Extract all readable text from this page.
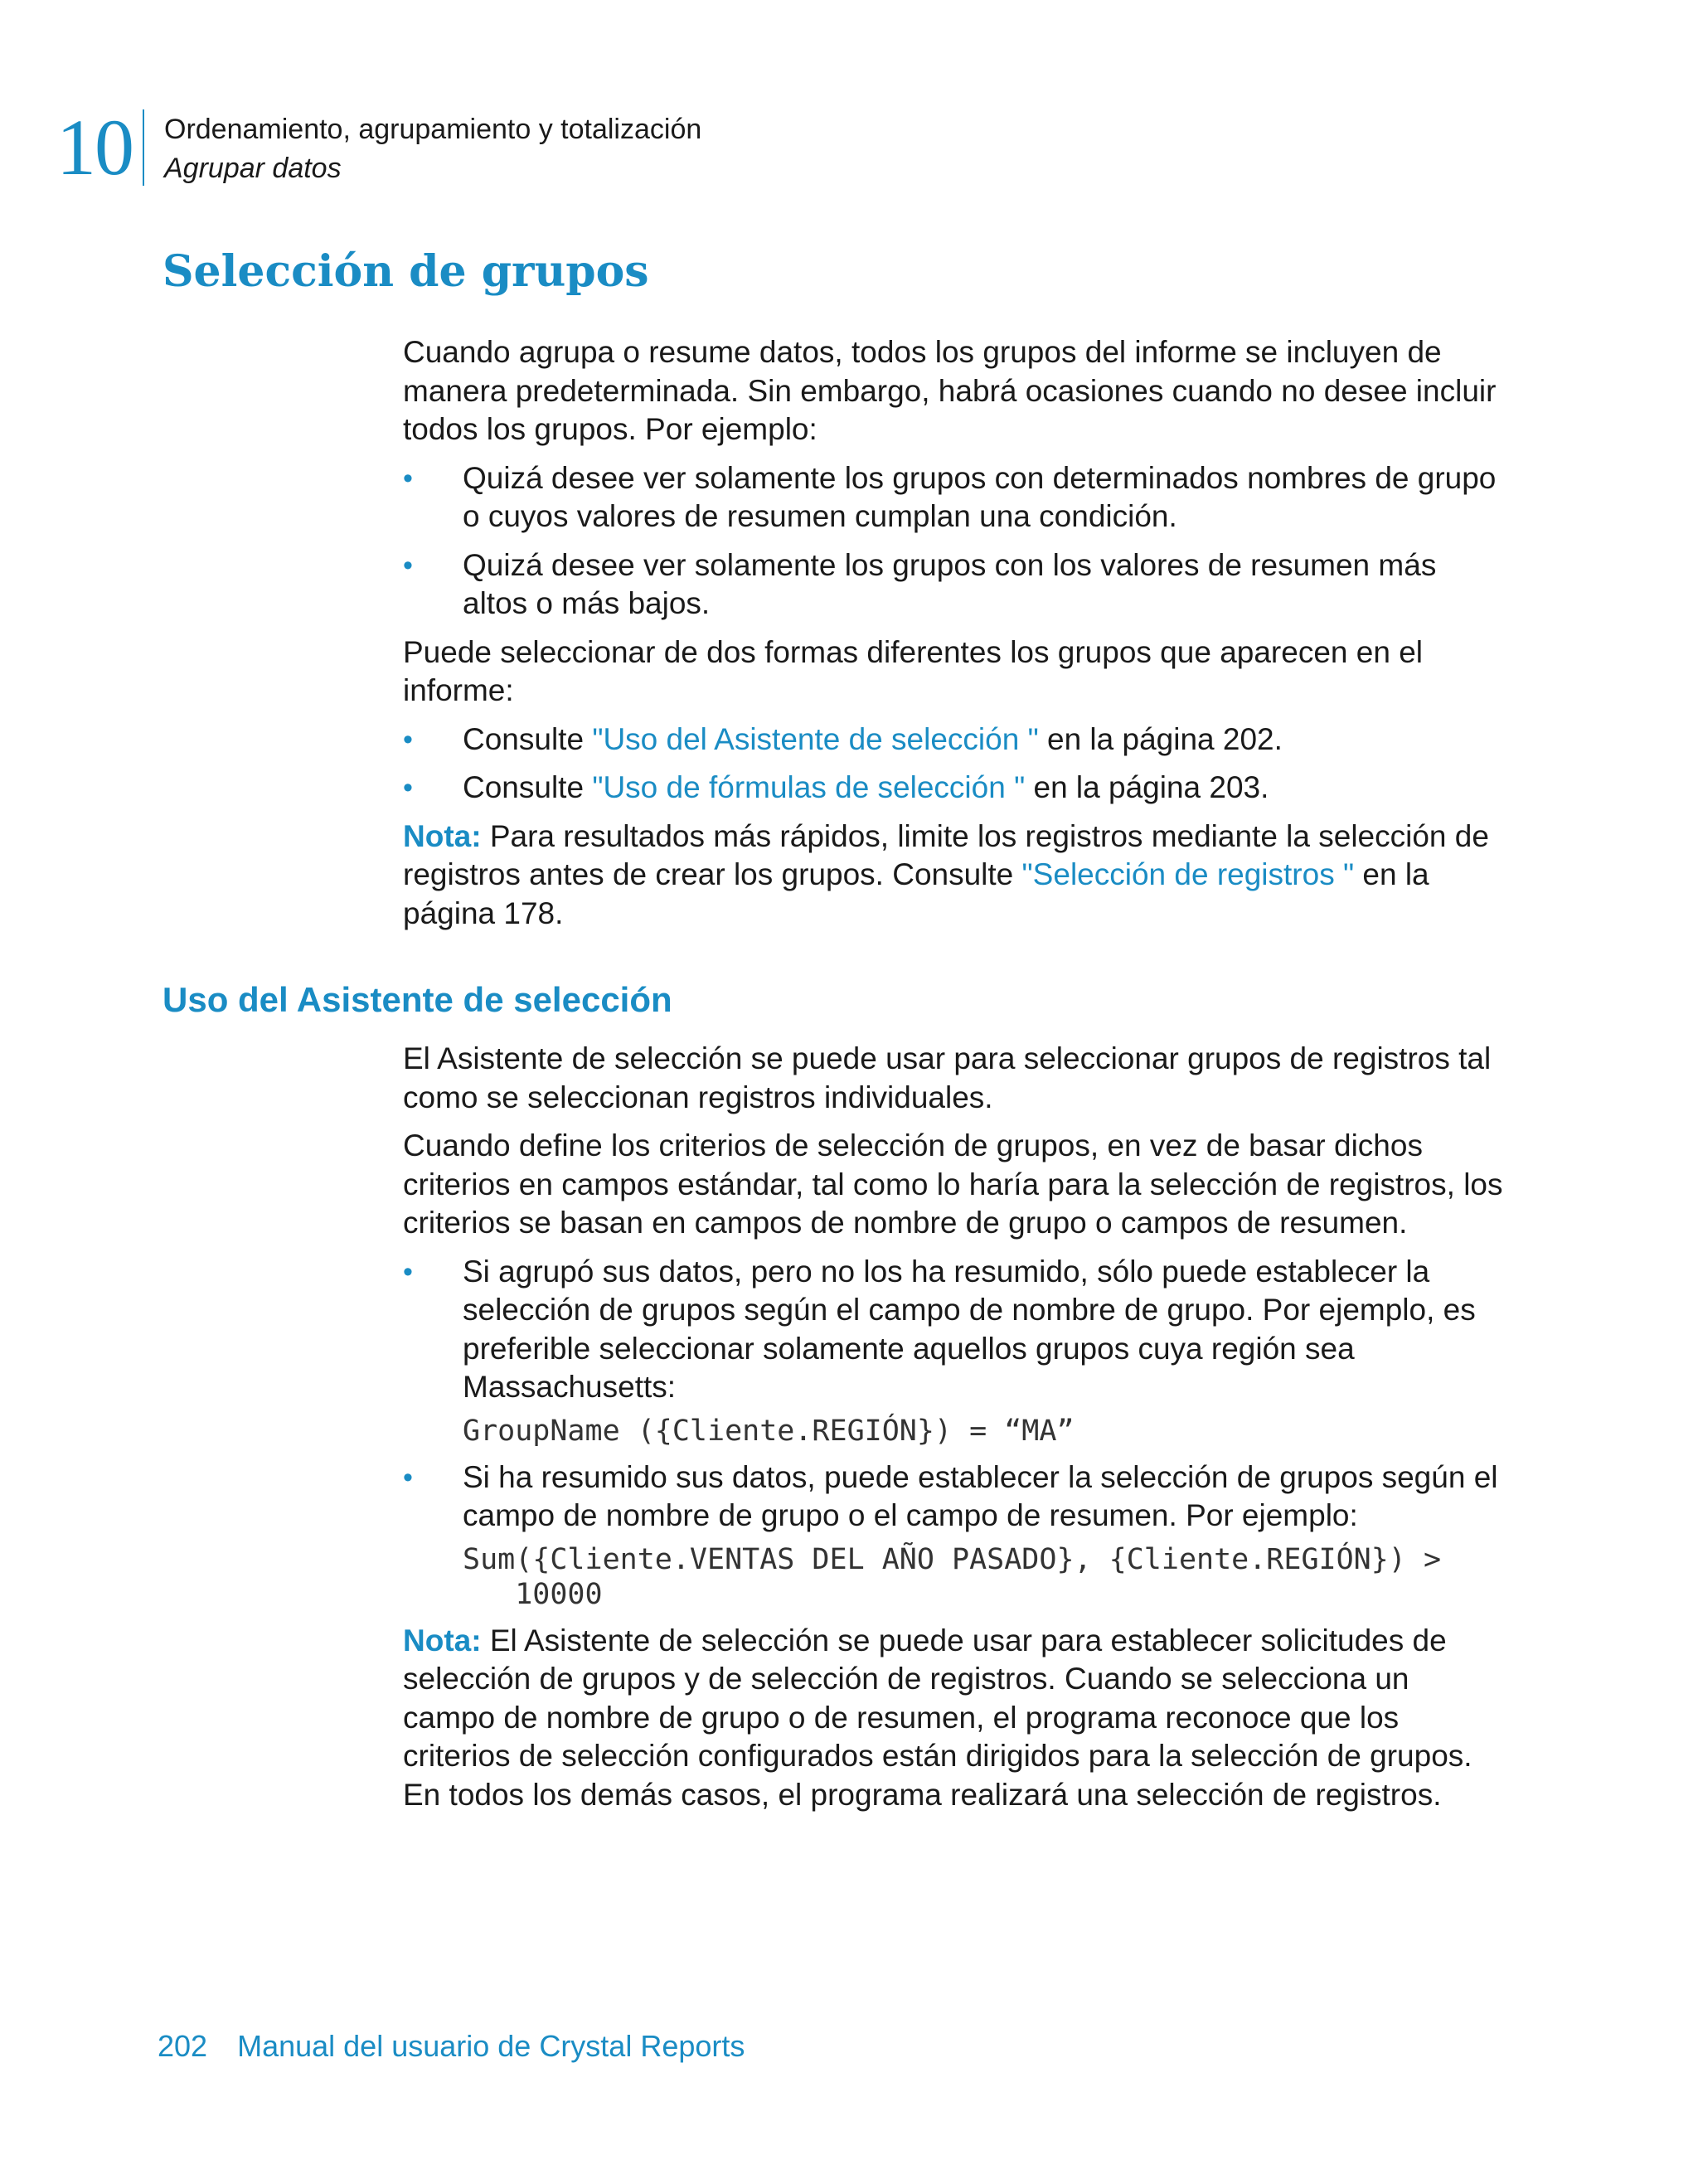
10 Ordenamiento, agrupamiento y totalización
Agrupar datos
Selección de grupos

Cuando agrupa o resume datos, todos los grupos del informe se incluyen de manera predeterminada. Sin embargo, habrá ocasiones cuando no desee incluir todos los grupos. Por ejemplo:

• Quizá desee ver solamente los grupos con determinados nombres de grupo o cuyos valores de resumen cumplan una condición.
• Quizá desee ver solamente los grupos con los valores de resumen más altos o más bajos.

Puede seleccionar de dos formas diferentes los grupos que aparecen en el informe:

• Consulte "Uso del Asistente de selección " en la página 202.
• Consulte "Uso de fórmulas de selección " en la página 203.

Nota: Para resultados más rápidos, limite los registros mediante la selección de registros antes de crear los grupos. Consulte "Selección de registros " en la página 178.

Uso del Asistente de selección

El Asistente de selección se puede usar para seleccionar grupos de registros tal como se seleccionan registros individuales.

Cuando define los criterios de selección de grupos, en vez de basar dichos criterios en campos estándar, tal como lo haría para la selección de registros, los criterios se basan en campos de nombre de grupo o campos de resumen.

• Si agrupó sus datos, pero no los ha resumido, sólo puede establecer la selección de grupos según el campo de nombre de grupo. Por ejemplo, es preferible seleccionar solamente aquellos grupos cuya región sea Massachusetts:
GroupName ({Cliente.REGIÓN}) = “MA”
• Si ha resumido sus datos, puede establecer la selección de grupos según el campo de nombre de grupo o el campo de resumen. Por ejemplo:
Sum({Cliente.VENTAS DEL AÑO PASADO}, {Cliente.REGIÓN}) >
10000

Nota: El Asistente de selección se puede usar para establecer solicitudes de selección de grupos y de selección de registros. Cuando se selecciona un campo de nombre de grupo o de resumen, el programa reconoce que los criterios de selección configurados están dirigidos para la selección de grupos. En todos los demás casos, el programa realizará una selección de registros.

202 Manual del usuario de Crystal Reports
